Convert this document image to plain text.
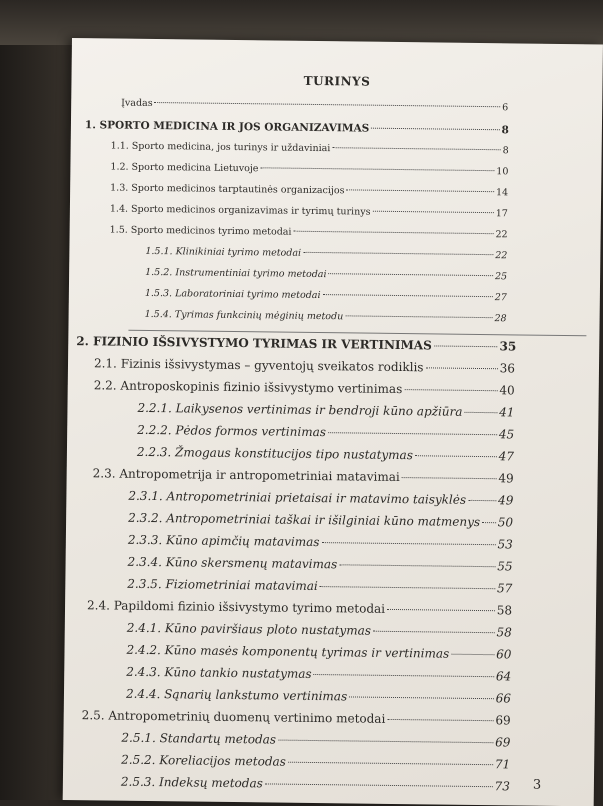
TURINYS
Įvadas	6
1. SPORTO MEDICINA IR JOS ORGANIZAVIMAS	8
1.1. Sporto medicina, jos turinys ir uždaviniai	8
1.2. Sporto medicina Lietuvoje	10
1.3. Sporto medicinos tarptautinės organizacijos	14
1.4. Sporto medicinos organizavimas ir tyrimų turinys	17
1.5. Sporto medicinos tyrimo metodai	22
1.5.1. Klinikiniai tyrimo metodai	22
1.5.2. Instrumentiniai tyrimo metodai	25
1.5.3. Laboratoriniai tyrimo metodai	27
1.5.4. Tyrimas funkcinių mėginių metodu	28
2. FIZINIO IŠSIVYSTYMO TYRIMAS IR VERTINIMAS	35
2.1. Fizinis išsivystymas – gyventojų sveikatos rodiklis	36
2.2. Antroposkopinis fizinio išsivystymo vertinimas	40
2.2.1. Laikysenos vertinimas ir bendroji kūno apžiūra	41
2.2.2. Pėdos formos vertinimas	45
2.2.3. Žmogaus konstitucijos tipo nustatymas	47
2.3. Antropometrija ir antropometriniai matavimai	49
2.3.1. Antropometriniai prietaisai ir matavimo taisyklės	49
2.3.2. Antropometriniai taškai ir išilginiai kūno matmenys 50
2.3.3. Kūno apimčių matavimas	53
2.3.4. Kūno skersmenų matavimas	55
2.3.5. Fiziometriniai matavimai	57
2.4. Papildomi fizinio išsivystymo tyrimo metodai	58
2.4.1. Kūno paviršiaus ploto nustatymas	58
2.4.2. Kūno masės komponentų tyrimas ir vertinimas	60
2.4.3. Kūno tankio nustatymas	64
2.4.4. Sąnarių lankstumo vertinimas	66
2.5. Antropometrinių duomenų vertinimo metodai	69
2.5.1. Standartų metodas	69
2.5.2. Koreliacijos metodas	71
2.5.3. Indeksų metodas	73 3
